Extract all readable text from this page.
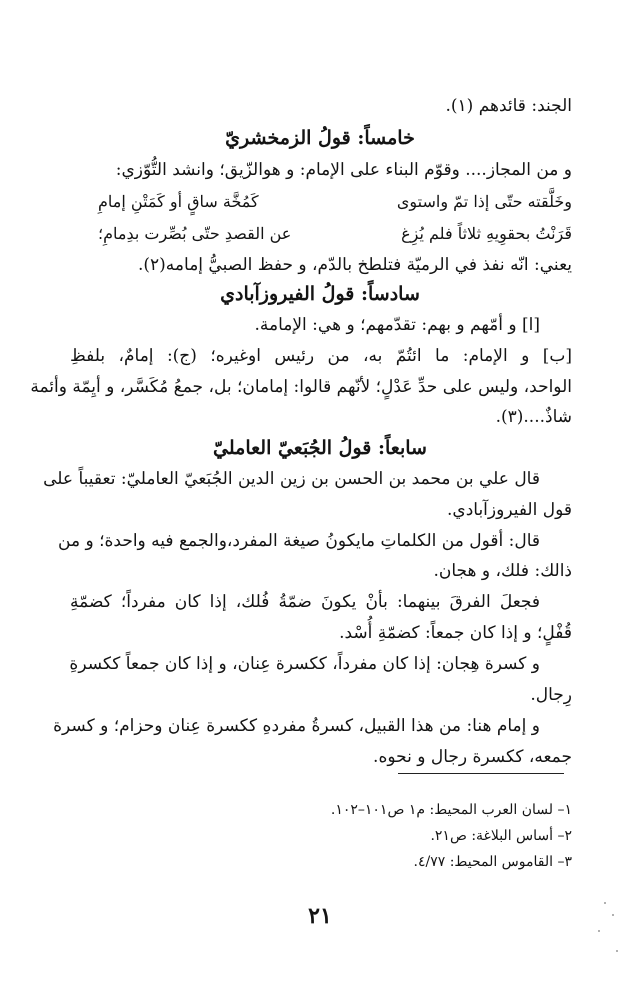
الجند: قائدهم (١).
خامساً: قولُ الزمخشريّ
و من المجاز.... وقوّم البناء على الإمام: و هوالزّيق؛ وانشد التُّوّزي:
وخَلَّقته حتّى إذا تمّ واستوى
كَمُخَّة ساقٍ أو كَمَتْنِ إمامِ
قَرَنْتُ بحقوِيهِ ثلاثاً فلم يُزِغ
عن القصدِ حتّى بُصِّرت بدِمامِ؛
يعني: انّه نفذ في الرميّة فتلطخ بالدّم، و حفظ الصبيُّ إمامه(٢).
سادساً: قولُ الفيروزآبادي
[ا] و أمّهم و بهم: تقدّمهم؛ و هي: الإمامة.
[ب] و الإمام: ما ائتُمّ به، من رئيس اوغيره؛ (ج): إمامٌ، بلفظِ
الواحد، وليس على حدِّ عَدْلٍ؛ لأنّهم قالوا: إمامان؛ بل، جمعُ مُكَسَّر، و أيِمّة وأئمة
شاذٌ....(٣).
سابعاً: قولُ الجُبَعيّ العامليّ
قال علي بن محمد بن الحسن بن زين الدين الجُبَعيّ العامليّ: تعقيباً على
قول الفيروزآبادي.
قال: أقول من الكلماتِ مايكونُ صيغة المفرد،والجمع فيه واحدة؛ و من
ذالك: فلك، و هجان.
فجعلَ الفرقَ بينهما: بأنْ يكونَ ضمّةُ فُلك، إذا كان مفرداً؛ كضمّةِ
قُفْلٍ؛ و إذا كان جمعاً: كضمّةِ أُسْد.
و كسرة هِجان: إذا كان مفرداً، ككسرة عِنان، و إذا كان جمعاً ككسرةِ
رِجال.
و إمام هنا: من هذا القبيل، كسرةُ مفردهِ ككسرة عِنان وحزام؛ و كسرة
جمعه، ككسرة رجال و نحوه.
١– لسان العرب المحيط: م١ ص١٠١–١٠٢.
٢– أساس البلاغة: ص٢١.
٣– القاموس المحيط: ٤/٧٧.
٢١
